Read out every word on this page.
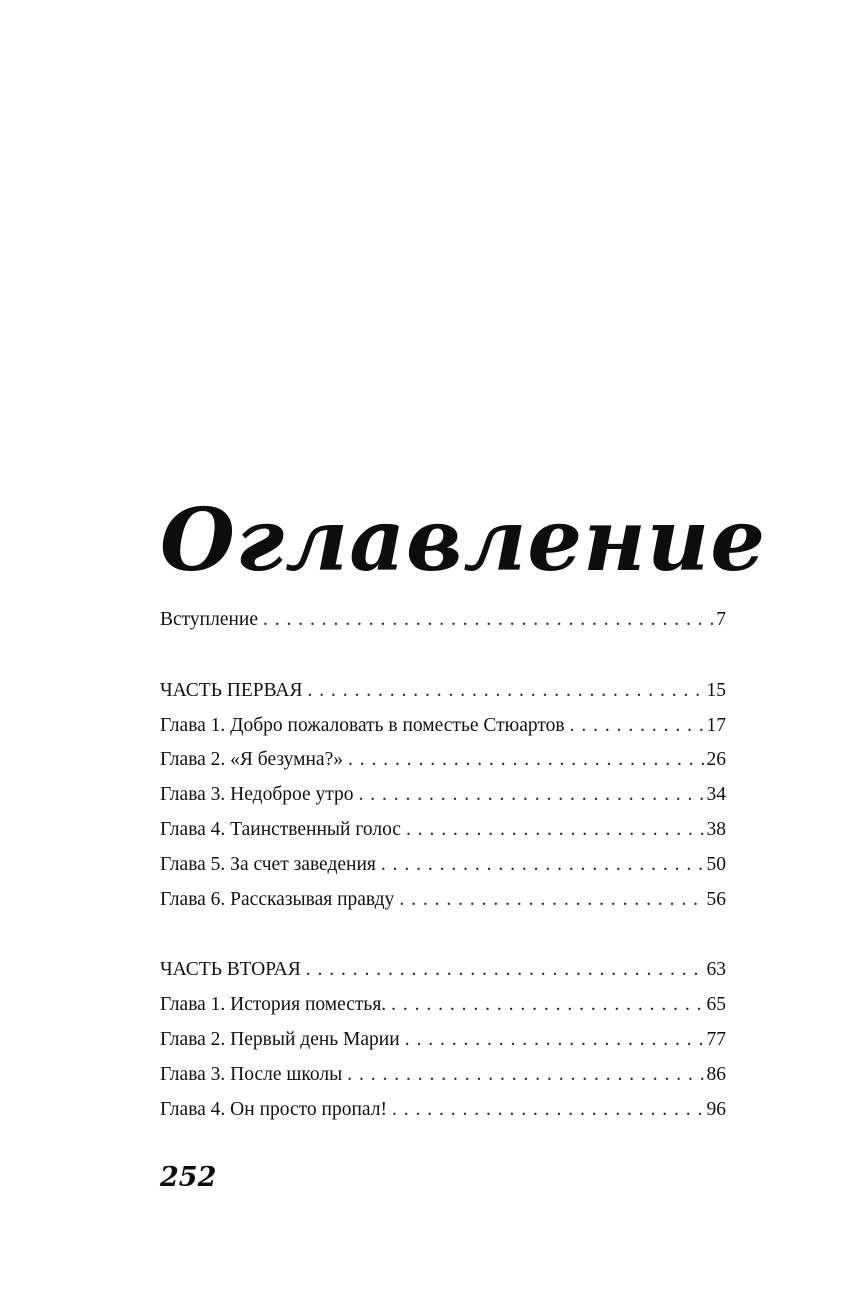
Оглавление
Вступление . . .	7
ЧАСТЬ ПЕРВАЯ . . .	15
Глава 1. Добро пожаловать в поместье Стюартов . . .	17
Глава 2. «Я безумна?» . . .	26
Глава 3. Недоброе утро . . .	34
Глава 4. Таинственный голос . . .	38
Глава 5. За счет заведения . . .	50
Глава 6. Рассказывая правду . . .	56
ЧАСТЬ ВТОРАЯ . . .	63
Глава 1. История поместья. . . .	65
Глава 2. Первый день Марии . . .	77
Глава 3. После школы . . .	86
Глава 4. Он просто пропал! . . .	96
252
